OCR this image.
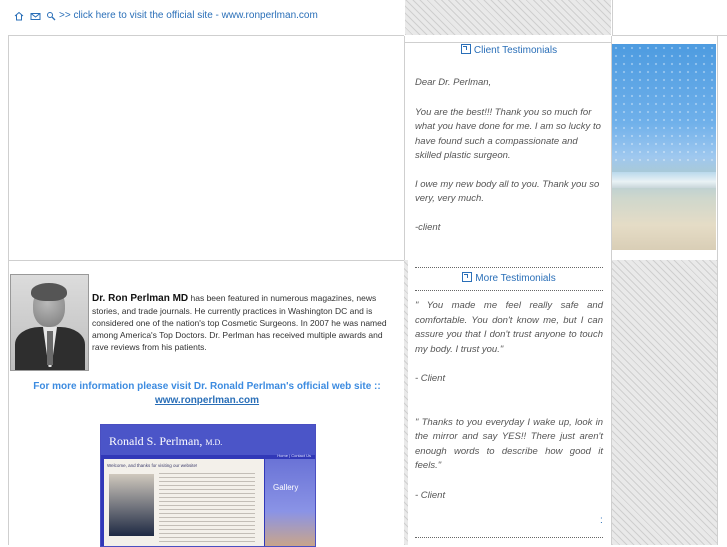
>> click here to visit the official site - www.ronperlman.com
Client Testimonials
Dear Dr. Perlman,
You are the best!!! Thank you so much for what you have done for me. I am so lucky to have found such a compassionate and skilled plastic surgeon.
I owe my new body all to you. Thank you so very, very much.
-client
More Testimonials
" You made me feel really safe and comfortable. You don't know me, but I can assure you that I don't trust anyone to touch my body. I trust you."
- Client
" Thanks to you everyday I wake up, look in the mirror and say YES!! There just aren't enough words to describe how good it feels."
- Client
:
Dr. Ron Perlman MD has been featured in numerous magazines, news stories, and trade journals. He currently practices in Washington DC and is considered one of the nation's top Cosmetic Surgeons. In 2007 he was named among America's Top Doctors. Dr. Perlman has received multiple awards and rave reviews from his patients.
For more information please visit Dr. Ronald Perlman's official web site ::
www.ronperlman.com
Ronald S. Perlman, M.D.
Home | Contact Us
Welcome, and thanks for visiting our website!
Gallery
